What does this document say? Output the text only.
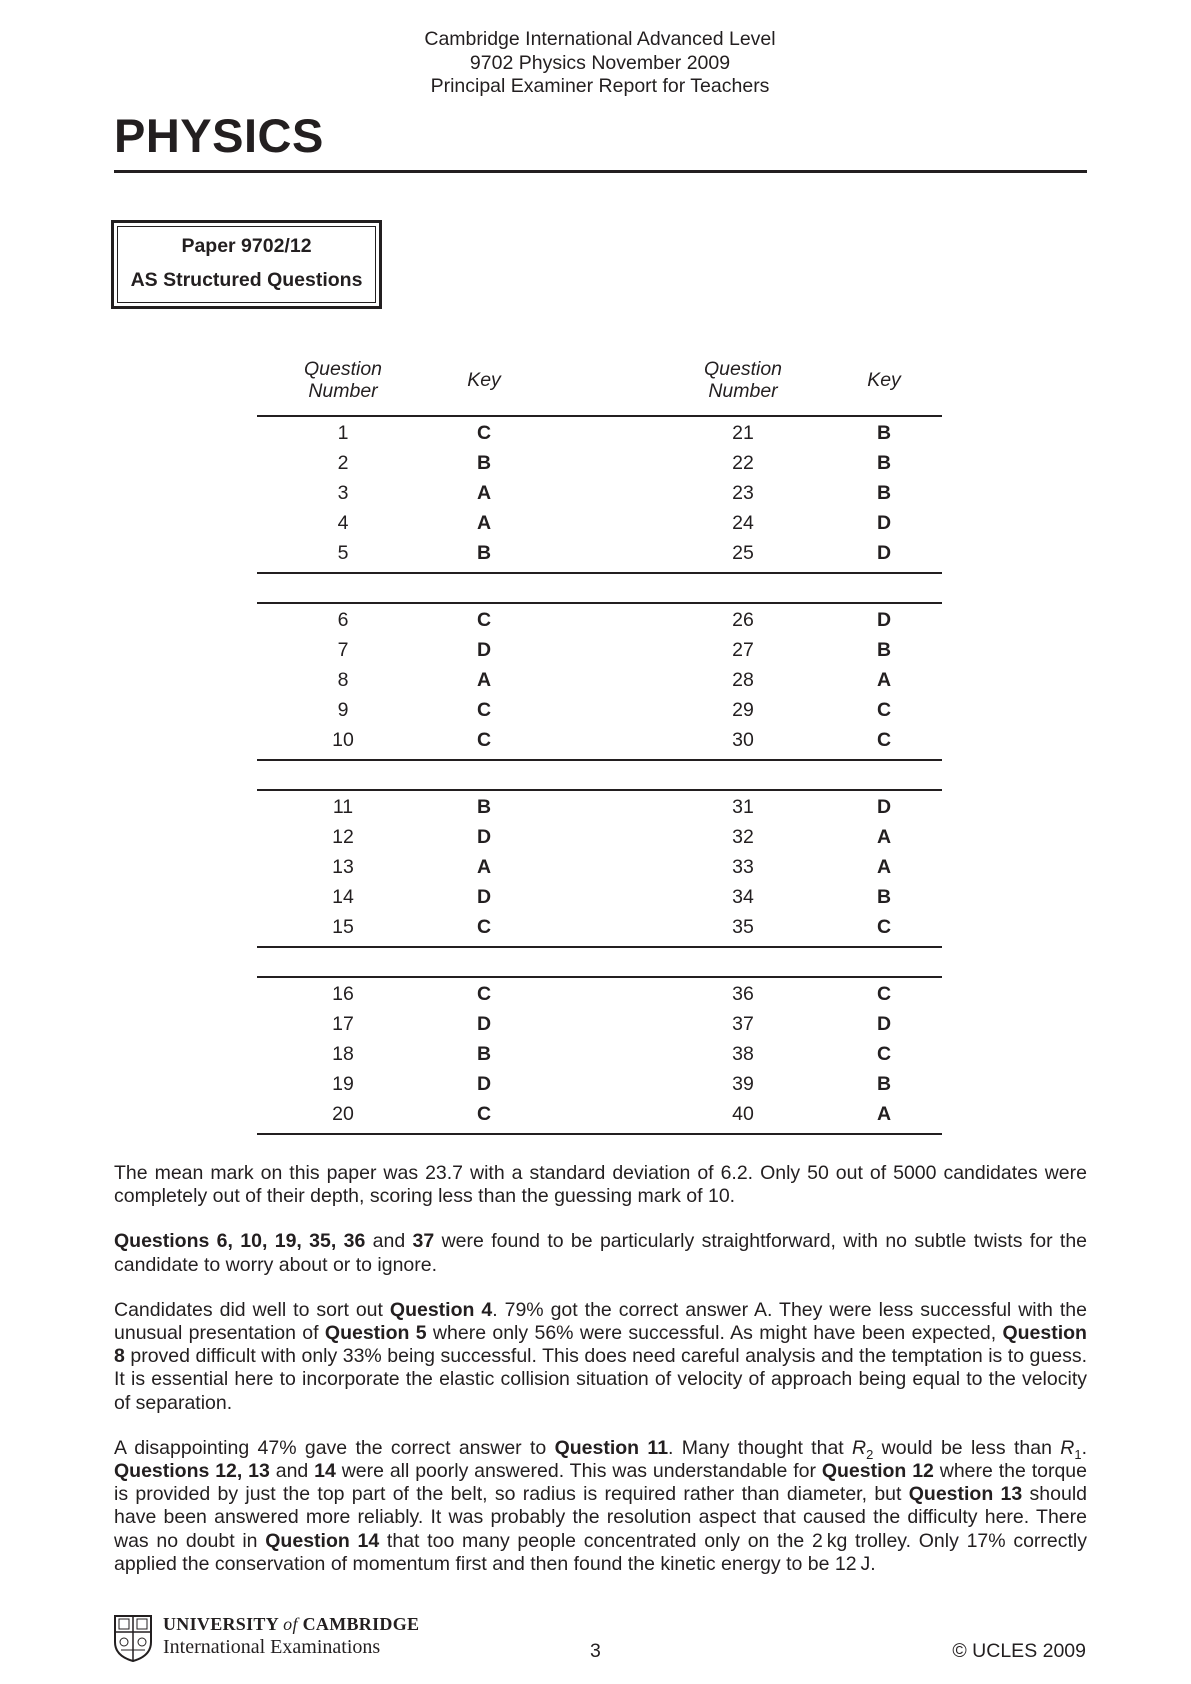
Cambridge International Advanced Level
9702 Physics November 2009
Principal Examiner Report for Teachers
PHYSICS
Paper 9702/12
AS Structured Questions
Question
Number	Key	Question
Number	Key
1	C	21	B
2	B	22	B
3	A	23	B
4	A	24	D
5	B	25	D
6	C	26	D
7	D	27	B
8	A	28	A
9	C	29	C
10	C	30	C
11	B	31	D
12	D	32	A
13	A	33	A
14	D	34	B
15	C	35	C
16	C	36	C
17	D	37	D
18	B	38	C
19	D	39	B
20	C	40	A

The mean mark on this paper was 23.7 with a standard deviation of 6.2. Only 50 out of 5000 candidates were completely out of their depth, scoring less than the guessing mark of 10.

Questions 6, 10, 19, 35, 36 and 37 were found to be particularly straightforward, with no subtle twists for the candidate to worry about or to ignore.

Candidates did well to sort out Question 4. 79% got the correct answer A. They were less successful with the unusual presentation of Question 5 where only 56% were successful. As might have been expected, Question 8 proved difficult with only 33% being successful. This does need careful analysis and the temptation is to guess. It is essential here to incorporate the elastic collision situation of velocity of approach being equal to the velocity of separation.

A disappointing 47% gave the correct answer to Question 11. Many thought that $R_2$ would be less than $R_1$. Questions 12, 13 and 14 were all poorly answered. This was understandable for Question 12 where the torque is provided by just the top part of the belt, so radius is required rather than diameter, but Question 13 should have been answered more reliably. It was probably the resolution aspect that caused the difficulty here. There was no doubt in Question 14 that too many people concentrated only on the 2 kg trolley. Only 17% correctly applied the conservation of momentum first and then found the kinetic energy to be 12 J.

UNIVERSITY of CAMBRIDGE
International Examinations	3	© UCLES 2009
